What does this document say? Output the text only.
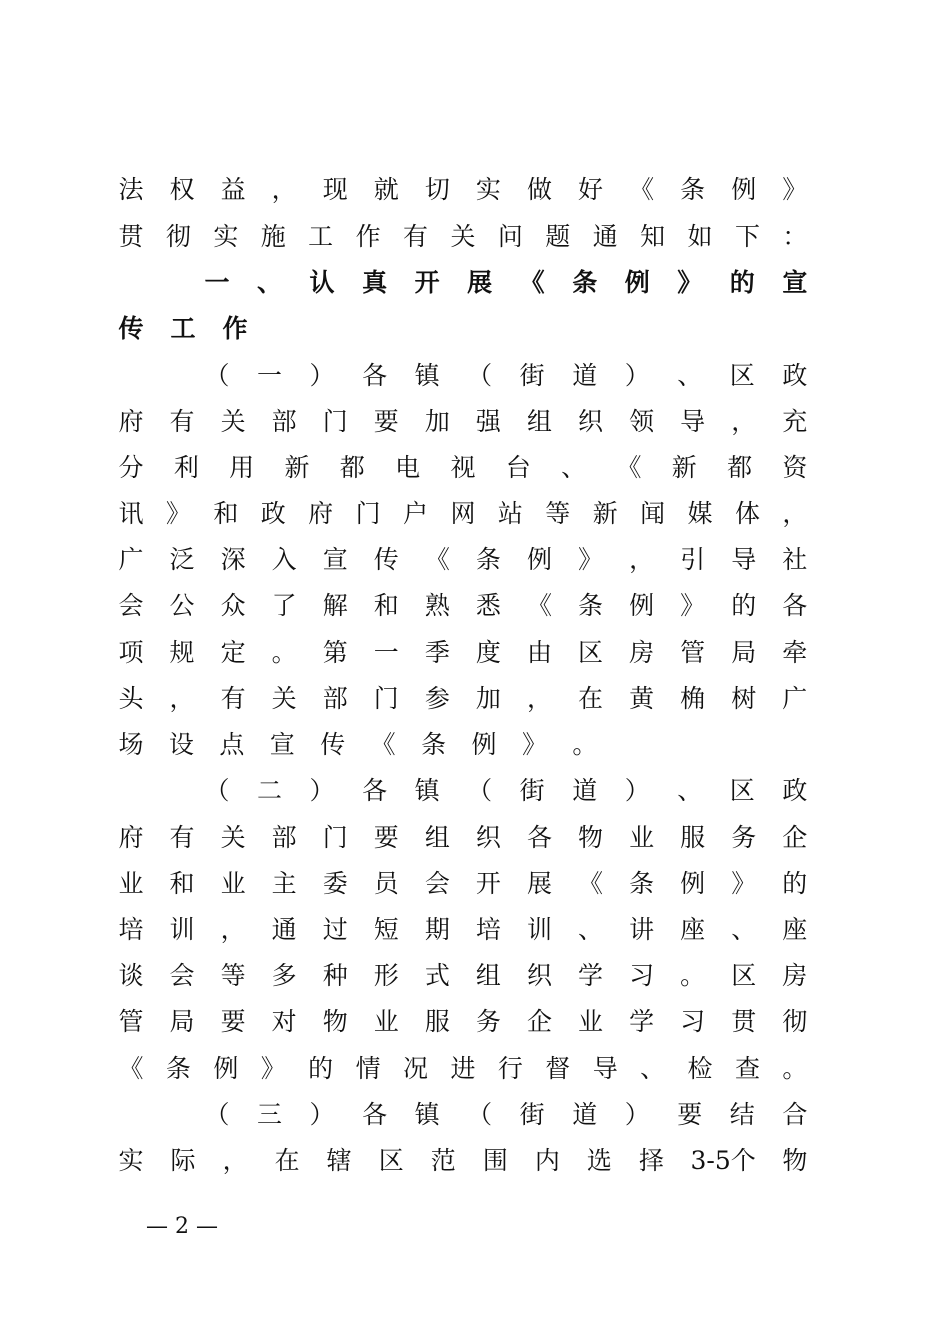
法 权 益 ， 现 就 切 实 做 好 《 条 例 》
贯 彻 实 施 工 作 有 关 问 题 通 知 如 下 ：
一 、 认 真 开 展 《 条 例 》 的 宣
传 工 作
（ 一 ） 各 镇 （ 街 道 ） 、 区 政
府 有 关 部 门 要 加 强 组 织 领 导 ， 充
分 利 用 新 都 电 视 台 、 《 新 都 资
讯 》 和 政 府 门 户 网 站 等 新 闻 媒 体 ，
广 泛 深 入 宣 传 《 条 例 》 ， 引 导 社
会 公 众 了 解 和 熟 悉 《 条 例 》 的 各
项 规 定 。 第 一 季 度 由 区 房 管 局 牵
头 ， 有 关 部 门 参 加 ， 在 黄 桷 树 广
场 设 点 宣 传 《 条 例 》 。
（ 二 ） 各 镇 （ 街 道 ） 、 区 政
府 有 关 部 门 要 组 织 各 物 业 服 务 企
业 和 业 主 委 员 会 开 展 《 条 例 》 的
培 训 ， 通 过 短 期 培 训 、 讲 座 、 座
谈 会 等 多 种 形 式 组 织 学 习 。 区 房
管 局 要 对 物 业 服 务 企 业 学 习 贯 彻
《 条 例 》 的 情 况 进 行 督 导 、 检 查 。
（ 三 ） 各 镇 （ 街 道 ） 要 结 合
实 际 ， 在 辖 区 范 围 内 选 择 3-5个 物
— 2 —
